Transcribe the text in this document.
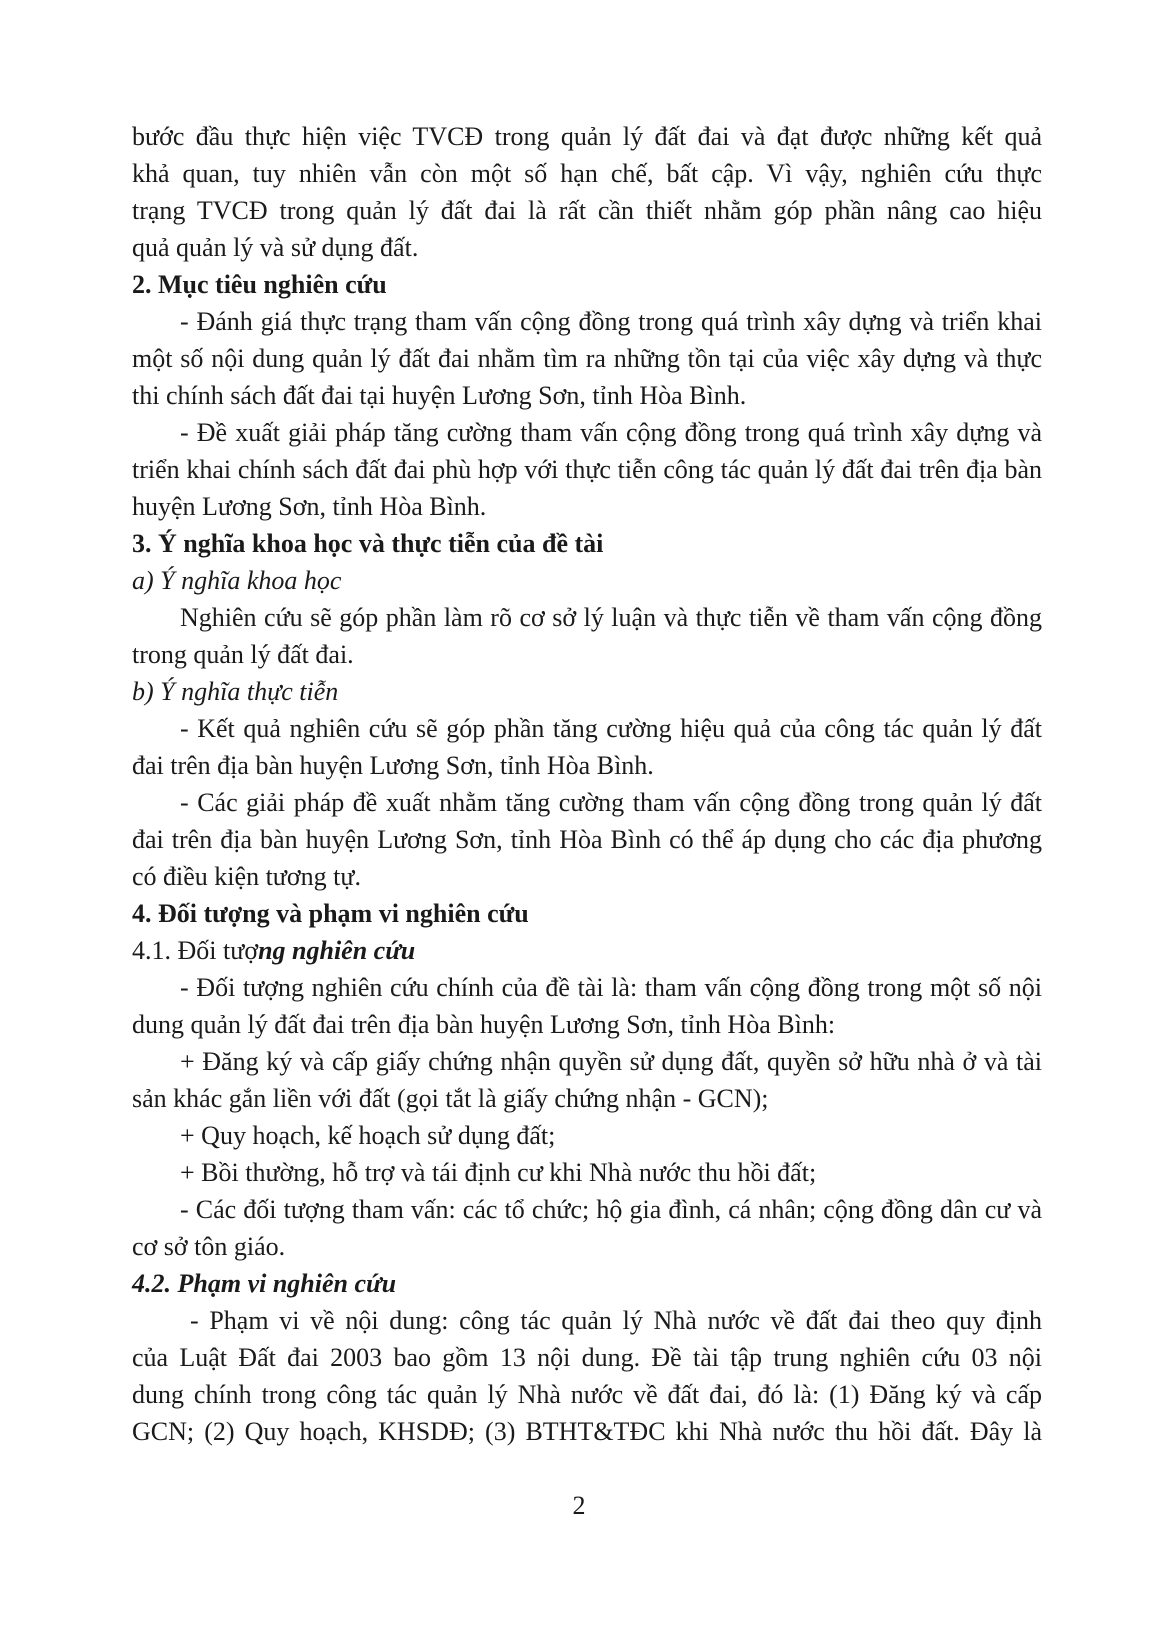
bước đầu thực hiện việc TVCĐ trong quản lý đất đai và đạt được những kết quả

khả quan, tuy nhiên vẫn còn một số hạn chế, bất cập. Vì vậy, nghiên cứu thực

trạng TVCĐ trong quản lý đất đai là rất cần thiết nhằm góp phần nâng cao hiệu

quả quản lý và sử dụng đất.

2. Mục tiêu nghiên cứu

- Đánh giá thực trạng tham vấn cộng đồng trong quá trình xây dựng và triển khai một số nội dung quản lý đất đai nhằm tìm ra những tồn tại của việc xây dựng và thực thi chính sách đất đai tại huyện Lương Sơn, tỉnh Hòa Bình.

- Đề xuất giải pháp tăng cường tham vấn cộng đồng trong quá trình xây dựng và triển khai chính sách đất đai phù hợp với thực tiễn công tác quản lý đất đai trên địa bàn huyện Lương Sơn, tỉnh Hòa Bình.

3. Ý nghĩa khoa học và thực tiễn của đề tài

a) Ý nghĩa khoa học

Nghiên cứu sẽ góp phần làm rõ cơ sở lý luận và thực tiễn về tham vấn cộng đồng trong quản lý đất đai.

b) Ý nghĩa thực tiễn

- Kết quả nghiên cứu sẽ góp phần tăng cường hiệu quả của công tác quản lý đất đai trên địa bàn huyện Lương Sơn, tỉnh Hòa Bình.

- Các giải pháp đề xuất nhằm tăng cường tham vấn cộng đồng trong quản lý đất đai trên địa bàn huyện Lương Sơn, tỉnh Hòa Bình có thể áp dụng cho các địa phương có điều kiện tương tự.

4. Đối tượng và phạm vi nghiên cứu

4.1. Đối tượng nghiên cứu

- Đối tượng nghiên cứu chính của đề tài là: tham vấn cộng đồng trong một số nội dung quản lý đất đai trên địa bàn huyện Lương Sơn, tỉnh Hòa Bình:

+ Đăng ký và cấp giấy chứng nhận quyền sử dụng đất, quyền sở hữu nhà ở và tài sản khác gắn liền với đất (gọi tắt là giấy chứng nhận - GCN);

+ Quy hoạch, kế hoạch sử dụng đất;

+ Bồi thường, hỗ trợ và tái định cư khi Nhà nước thu hồi đất;

- Các đối tượng tham vấn: các tổ chức; hộ gia đình, cá nhân; cộng đồng dân cư và cơ sở tôn giáo.

4.2. Phạm vi nghiên cứu

- Phạm vi về nội dung: công tác quản lý Nhà nước về đất đai theo quy định

của Luật Đất đai 2003 bao gồm 13 nội dung. Đề tài tập trung nghiên cứu 03 nội

dung chính trong công tác quản lý Nhà nước về đất đai, đó là: (1) Đăng ký và cấp

GCN; (2) Quy hoạch, KHSDĐ; (3) BTHT&TĐC khi Nhà nước thu hồi đất. Đây là

2
